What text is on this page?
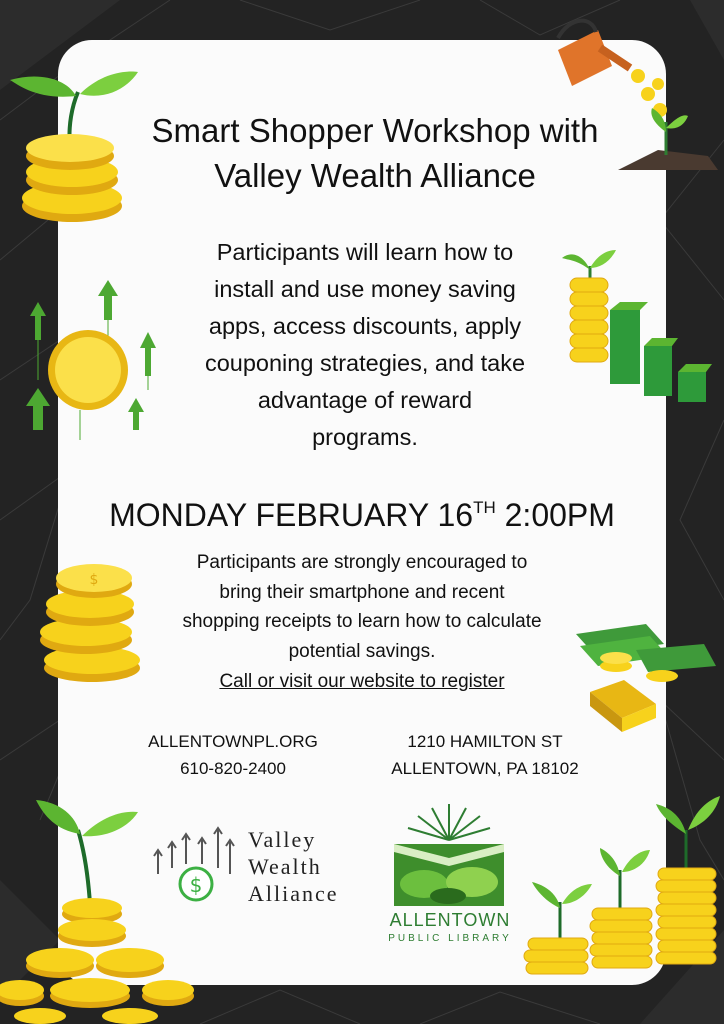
Smart Shopper Workshop with
Valley Wealth Alliance
Participants will learn how to
install and use money saving
apps, access discounts, apply
couponing strategies, and take
advantage of reward
programs.
MONDAY FEBRUARY 16TH 2:00PM
Participants are strongly encouraged to
bring their smartphone and recent
shopping receipts to learn how to calculate
potential savings.
Call or visit our website to register
ALLENTOWNPL.ORG
610-820-2400
1210 HAMILTON ST
ALLENTOWN, PA 18102
$
Valley
Wealth
Alliance
ALLENTOWN
PUBLIC LIBRARY
$
